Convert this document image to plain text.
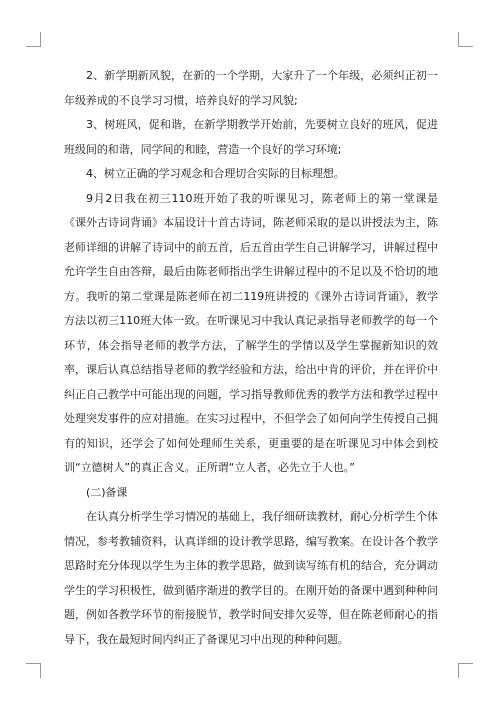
2、新学期新风貌，在新的一个学期，大家升了一个年级，必须纠正初一年级养成的不良学习习惯，培养良好的学习风貌;

3、树班风，促和谐，在新学期教学开始前，先要树立良好的班风，促进班级间的和谐，同学间的和睦，营造一个良好的学习环境;

4、树立正确的学习观念和合理切合实际的目标理想。

9月2日我在初三110班开始了我的听课见习，陈老师上的第一堂课是《课外古诗词背诵》本届设计十首古诗词，陈老师采取的是以讲授法为主，陈老师详细的讲解了诗词中的前五首，后五首由学生自己讲解学习，讲解过程中允许学生自由答辩，最后由陈老师指出学生讲解过程中的不足以及不恰切的地方。我听的第二堂课是陈老师在初二119班讲授的《课外古诗词背诵》，教学方法以初三110班大体一致。在听课见习中我认真记录指导老师教学的每一个环节，体会指导老师的教学方法，了解学生的学情以及学生掌握新知识的效率，课后认真总结指导老师的教学经验和方法，给出中肯的评价，并在评价中纠正自己教学中可能出现的问题，学习指导教师优秀的教学方法和教学过程中处理突发事件的应对措施。在实习过程中，不但学会了如何向学生传授自己拥有的知识，还学会了如何处理师生关系，更重要的是在听课见习中体会到校训“立德树人”的真正含义。正所谓“立人者，必先立于人也。”

(二)备课

在认真分析学生学习情况的基础上，我仔细研读教材，耐心分析学生个体情况，参考教辅资料，认真详细的设计教学思路，编写教案。在设计各个教学思路时充分体现以学生为主体的教学思路，做到读写练有机的结合，充分调动学生的学习积极性，做到循序渐进的教学目的。在刚开始的备课中遇到种种问题，例如各教学环节的衔接脱节，教学时间安排欠妥等，但在陈老师耐心的指导下，我在最短时间内纠正了备课见习中出现的种种问题。
